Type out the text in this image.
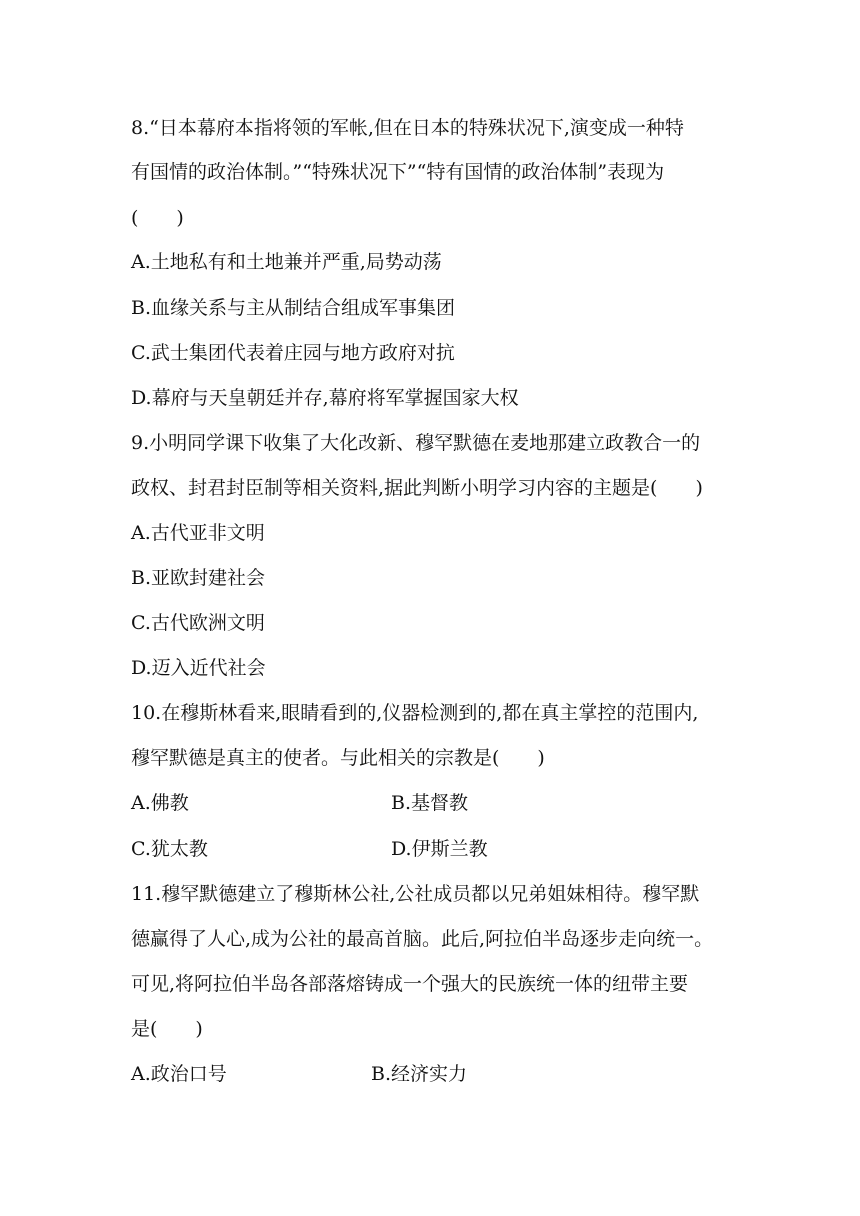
8.“日本幕府本指将领的军帐,但在日本的特殊状况下,演变成一种特
有国情的政治体制。”“特殊状况下”“特有国情的政治体制”表现为
(　　)
A.土地私有和土地兼并严重,局势动荡
B.血缘关系与主从制结合组成军事集团
C.武士集团代表着庄园与地方政府对抗
D.幕府与天皇朝廷并存,幕府将军掌握国家大权
9.小明同学课下收集了大化改新、穆罕默德在麦地那建立政教合一的
政权、封君封臣制等相关资料,据此判断小明学习内容的主题是(　　)
A.古代亚非文明
B.亚欧封建社会
C.古代欧洲文明
D.迈入近代社会
10.在穆斯林看来,眼睛看到的,仪器检测到的,都在真主掌控的范围内,
穆罕默德是真主的使者。与此相关的宗教是(　　)
A.佛教	B.基督教
C.犹太教	D.伊斯兰教
11.穆罕默德建立了穆斯林公社,公社成员都以兄弟姐妹相待。穆罕默
德赢得了人心,成为公社的最高首脑。此后,阿拉伯半岛逐步走向统一。
可见,将阿拉伯半岛各部落熔铸成一个强大的民族统一体的纽带主要
是(　　)
A.政治口号	B.经济实力
